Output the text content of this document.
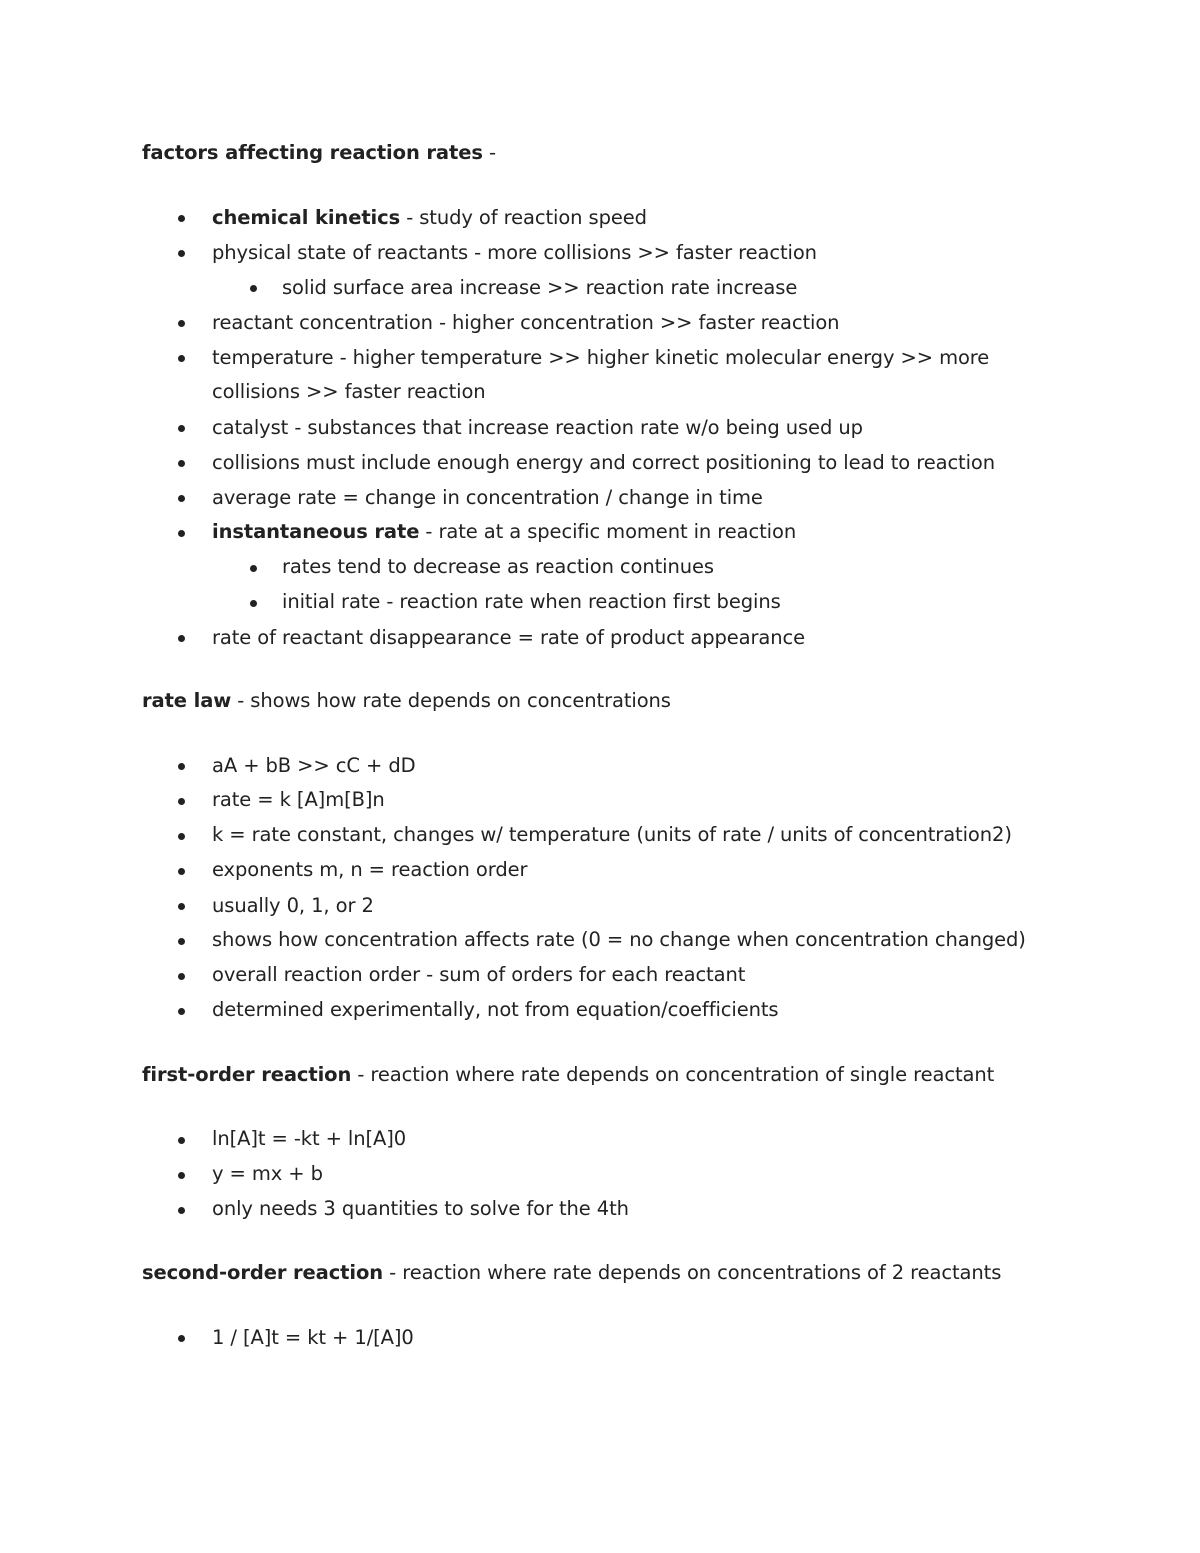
factors affecting reaction rates -
chemical kinetics - study of reaction speed
physical state of reactants - more collisions >> faster reaction
solid surface area increase >> reaction rate increase
reactant concentration - higher concentration >> faster reaction
temperature - higher temperature >> higher kinetic molecular energy >> more
collisions >> faster reaction
catalyst - substances that increase reaction rate w/o being used up
collisions must include enough energy and correct positioning to lead to reaction
average rate = change in concentration / change in time
instantaneous rate - rate at a specific moment in reaction
rates tend to decrease as reaction continues
initial rate - reaction rate when reaction first begins
rate of reactant disappearance = rate of product appearance
rate law - shows how rate depends on concentrations
aA + bB >> cC + dD
rate = k [A]m[B]n
k = rate constant, changes w/ temperature (units of rate / units of concentration2)
exponents m, n = reaction order
usually 0, 1, or 2
shows how concentration affects rate (0 = no change when concentration changed)
overall reaction order - sum of orders for each reactant
determined experimentally, not from equation/coefficients
first-order reaction - reaction where rate depends on concentration of single reactant
ln[A]t = -kt + ln[A]0
y = mx + b
only needs 3 quantities to solve for the 4th
second-order reaction - reaction where rate depends on concentrations of 2 reactants
1 / [A]t = kt + 1/[A]0
